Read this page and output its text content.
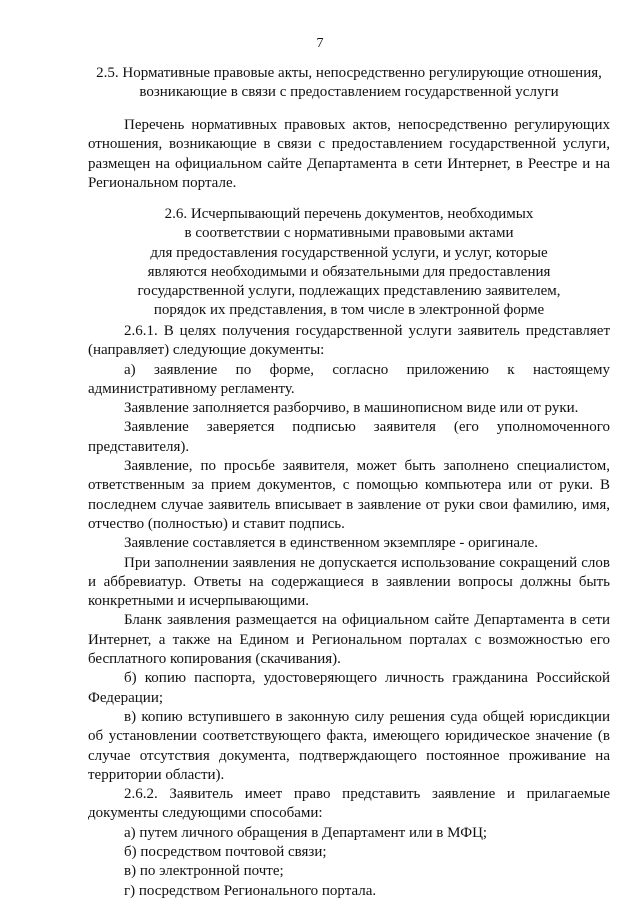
7
2.5. Нормативные правовые акты, непосредственно регулирующие отношения,
возникающие в связи с предоставлением государственной услуги
Перечень нормативных правовых актов, непосредственно регулирующих отношения, возникающие в связи с предоставлением государственной услуги, размещен на официальном сайте Департамента в сети Интернет, в Реестре и на Региональном портале.
2.6. Исчерпывающий перечень документов, необходимых
в соответствии с нормативными правовыми актами
для предоставления государственной услуги, и услуг, которые
являются необходимыми и обязательными для предоставления
государственной услуги, подлежащих представлению заявителем,
порядок их представления, в том числе в электронной форме
2.6.1. В целях получения государственной услуги заявитель представляет (направляет) следующие документы:
а) заявление по форме, согласно приложению к настоящему административному регламенту.
Заявление заполняется разборчиво, в машинописном виде или от руки.
Заявление заверяется подписью заявителя (его уполномоченного представителя).
Заявление, по просьбе заявителя, может быть заполнено специалистом, ответственным за прием документов, с помощью компьютера или от руки. В последнем случае заявитель вписывает в заявление от руки свои фамилию, имя, отчество (полностью) и ставит подпись.
Заявление составляется в единственном экземпляре - оригинале.
При заполнении заявления не допускается использование сокращений слов и аббревиатур. Ответы на содержащиеся в заявлении вопросы должны быть конкретными и исчерпывающими.
Бланк заявления размещается на официальном сайте Департамента в сети Интернет, а также на Едином и Региональном порталах с возможностью его бесплатного копирования (скачивания).
б) копию паспорта, удостоверяющего личность гражданина Российской Федерации;
в) копию вступившего в законную силу решения суда общей юрисдикции об установлении соответствующего факта, имеющего юридическое значение (в случае отсутствия документа, подтверждающего постоянное проживание на территории области).
2.6.2. Заявитель имеет право представить заявление и прилагаемые документы следующими способами:
а) путем личного обращения в Департамент или в МФЦ;
б) посредством почтовой связи;
в) по электронной почте;
г) посредством Регионального портала.
